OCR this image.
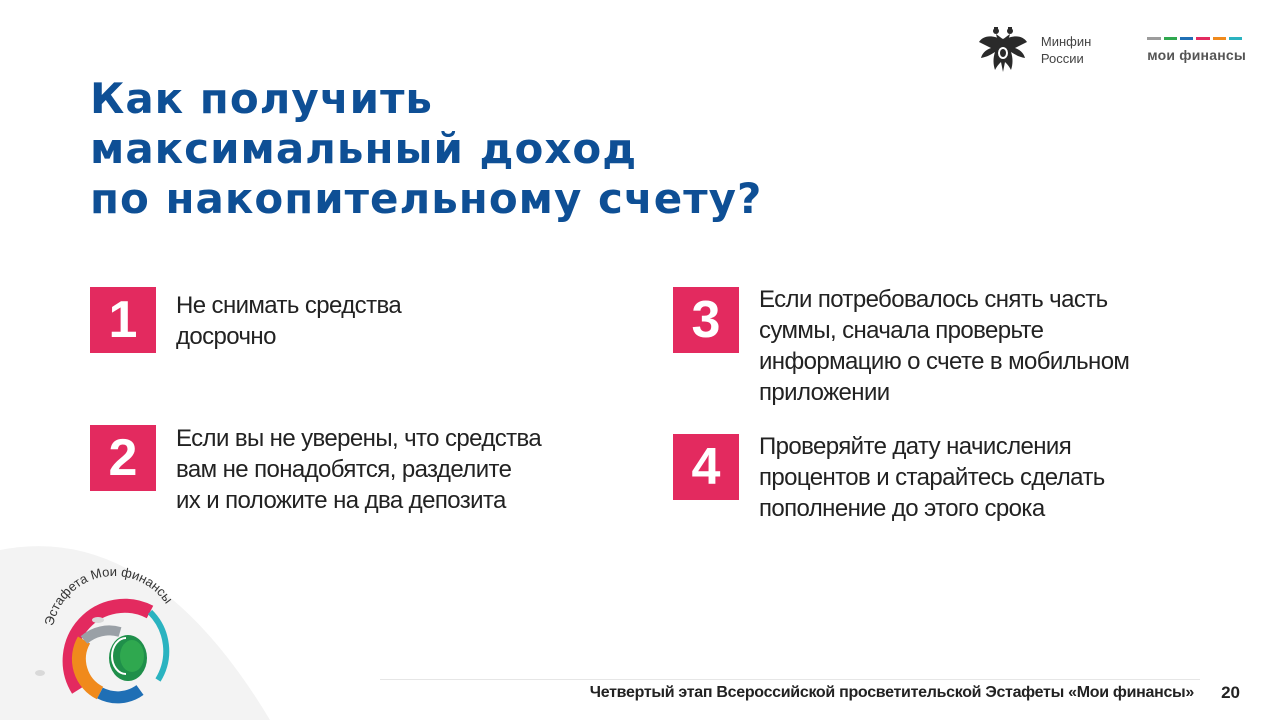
Минфин
России	мои финансы
Как получить
максимальный доход
по накопительному счету?
1	Не снимать средства
досрочно
2	Если вы не уверены, что средства
вам не понадобятся, разделите
их и положите на два депозита
3	Если потребовалось снять часть
суммы, сначала проверьте
информацию о счете в мобильном
приложении
4	Проверяйте дату начисления
процентов и старайтесь сделать
пополнение до этого срока
Эстафета Мои финансы
Четвертый этап Всероссийской просветительской Эстафеты «Мои финансы» 20
